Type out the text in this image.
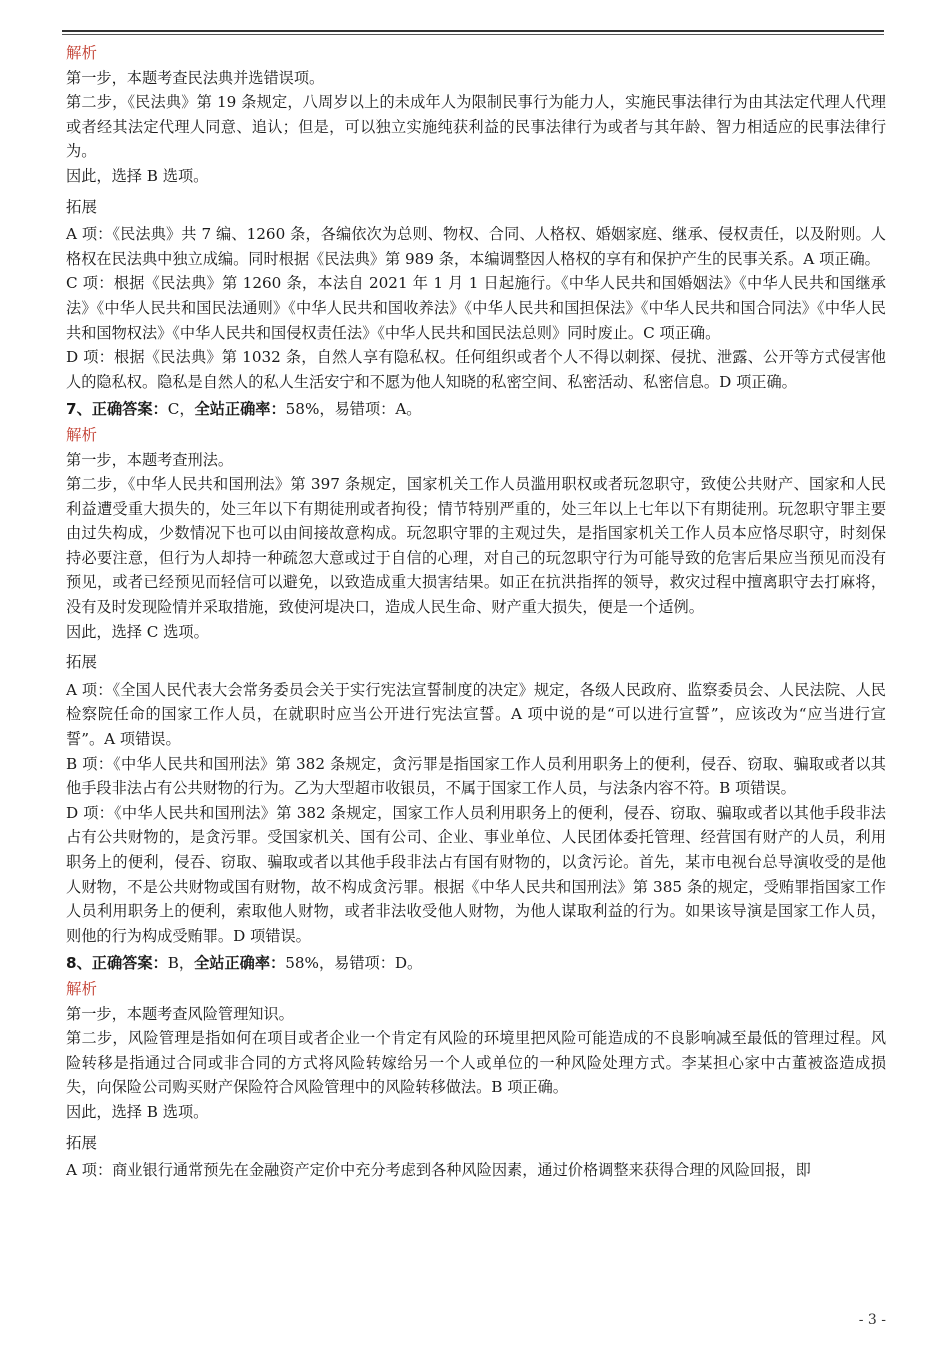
解析

第一步，本题考查民法典并选错误项。

第二步，《民法典》第 19 条规定，八周岁以上的未成年人为限制民事行为能力人，实施民事法律行为由其法定代理人代理或者经其法定代理人同意、追认；但是，可以独立实施纯获利益的民事法律行为或者与其年龄、智力相适应的民事法律行为。

因此，选择 B 选项。

拓展

A 项：《民法典》共 7 编、1260 条，各编依次为总则、物权、合同、人格权、婚姻家庭、继承、侵权责任，以及附则。人格权在民法典中独立成编。同时根据《民法典》第 989 条，本编调整因人格权的享有和保护产生的民事关系。A 项正确。

C 项：根据《民法典》第 1260 条，本法自 2021 年 1 月 1 日起施行。《中华人民共和国婚姻法》《中华人民共和国继承法》《中华人民共和国民法通则》《中华人民共和国收养法》《中华人民共和国担保法》《中华人民共和国合同法》《中华人民共和国物权法》《中华人民共和国侵权责任法》《中华人民共和国民法总则》同时废止。C 项正确。

D 项：根据《民法典》第 1032 条，自然人享有隐私权。任何组织或者个人不得以刺探、侵扰、泄露、公开等方式侵害他人的隐私权。隐私是自然人的私人生活安宁和不愿为他人知晓的私密空间、私密活动、私密信息。D 项正确。

7、正确答案：C，全站正确率：58%，易错项：A。

解析

第一步，本题考查刑法。

第二步，《中华人民共和国刑法》第 397 条规定，国家机关工作人员滥用职权或者玩忽职守，致使公共财产、国家和人民利益遭受重大损失的，处三年以下有期徒刑或者拘役；情节特别严重的，处三年以上七年以下有期徒刑。玩忽职守罪主要由过失构成，少数情况下也可以由间接故意构成。玩忽职守罪的主观过失，是指国家机关工作人员本应恪尽职守，时刻保持必要注意，但行为人却持一种疏忽大意或过于自信的心理，对自己的玩忽职守行为可能导致的危害后果应当预见而没有预见，或者已经预见而轻信可以避免，以致造成重大损害结果。如正在抗洪指挥的领导，救灾过程中擅离职守去打麻将，没有及时发现险情并采取措施，致使河堤决口，造成人民生命、财产重大损失，便是一个适例。

因此，选择 C 选项。

拓展

A 项：《全国人民代表大会常务委员会关于实行宪法宣誓制度的决定》规定，各级人民政府、监察委员会、人民法院、人民检察院任命的国家工作人员，在就职时应当公开进行宪法宣誓。A 项中说的是“可以进行宣誓”，应该改为“应当进行宣誓”。A 项错误。

B 项：《中华人民共和国刑法》第 382 条规定，贪污罪是指国家工作人员利用职务上的便利，侵吞、窃取、骗取或者以其他手段非法占有公共财物的行为。乙为大型超市收银员，不属于国家工作人员，与法条内容不符。B 项错误。

D 项：《中华人民共和国刑法》第 382 条规定，国家工作人员利用职务上的便利，侵吞、窃取、骗取或者以其他手段非法占有公共财物的，是贪污罪。受国家机关、国有公司、企业、事业单位、人民团体委托管理、经营国有财产的人员，利用职务上的便利，侵吞、窃取、骗取或者以其他手段非法占有国有财物的，以贪污论。首先，某市电视台总导演收受的是他人财物，不是公共财物或国有财物，故不构成贪污罪。根据《中华人民共和国刑法》第 385 条的规定，受贿罪指国家工作人员利用职务上的便利，索取他人财物，或者非法收受他人财物，为他人谋取利益的行为。如果该导演是国家工作人员，则他的行为构成受贿罪。D 项错误。

8、正确答案：B，全站正确率：58%，易错项：D。

解析

第一步，本题考查风险管理知识。

第二步，风险管理是指如何在项目或者企业一个肯定有风险的环境里把风险可能造成的不良影响减至最低的管理过程。风险转移是指通过合同或非合同的方式将风险转嫁给另一个人或单位的一种风险处理方式。李某担心家中古董被盗造成损失，向保险公司购买财产保险符合风险管理中的风险转移做法。B 项正确。

因此，选择 B 选项。

拓展

A 项：商业银行通常预先在金融资产定价中充分考虑到各种风险因素，通过价格调整来获得合理的风险回报，即

- 3 -
